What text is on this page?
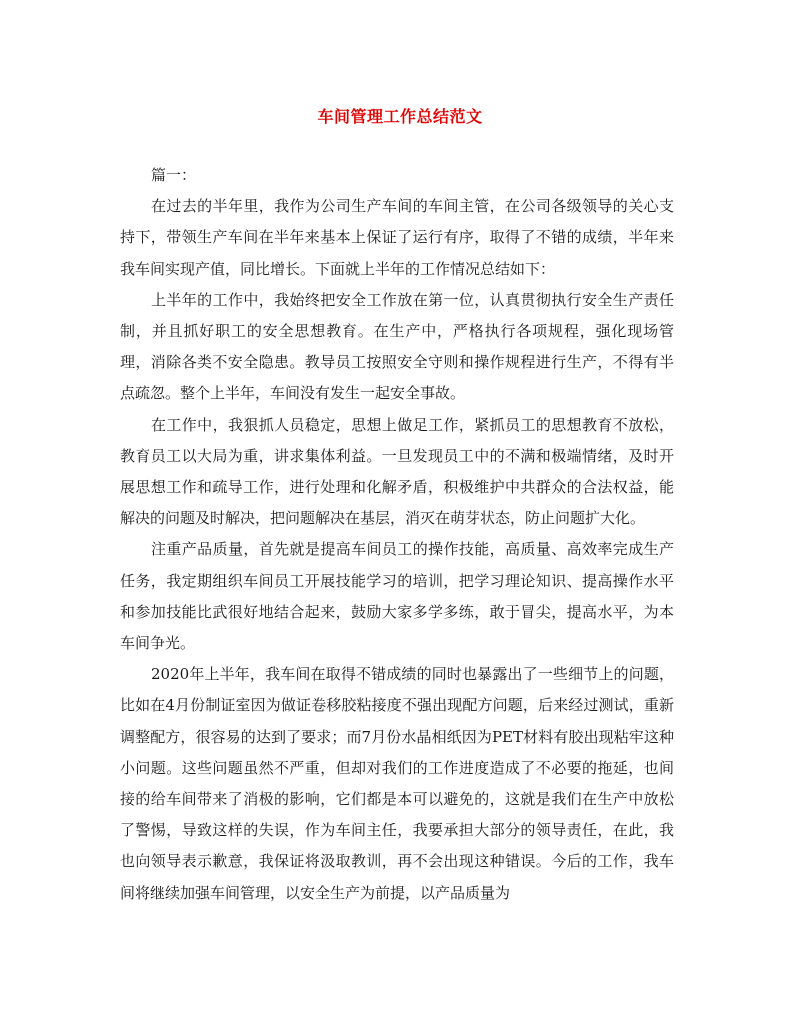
车间管理工作总结范文

篇一：

在过去的半年里，我作为公司生产车间的车间主管，在公司各级领导的关心支持下，带领生产车间在半年来基本上保证了运行有序，取得了不错的成绩，半年来我车间实现产值，同比增长。下面就上半年的工作情况总结如下：

上半年的工作中，我始终把安全工作放在第一位，认真贯彻执行安全生产责任制，并且抓好职工的安全思想教育。在生产中，严格执行各项规程，强化现场管理，消除各类不安全隐患。教导员工按照安全守则和操作规程进行生产，不得有半点疏忽。整个上半年，车间没有发生一起安全事故。

在工作中，我狠抓人员稳定，思想上做足工作，紧抓员工的思想教育不放松，教育员工以大局为重，讲求集体利益。一旦发现员工中的不满和极端情绪，及时开展思想工作和疏导工作，进行处理和化解矛盾，积极维护中共群众的合法权益，能解决的问题及时解决，把问题解决在基层，消灭在萌芽状态，防止问题扩大化。

注重产品质量，首先就是提高车间员工的操作技能，高质量、高效率完成生产任务，我定期组织车间员工开展技能学习的培训，把学习理论知识、提高操作水平和参加技能比武很好地结合起来，鼓励大家多学多练，敢于冒尖，提高水平，为本车间争光。

2020年上半年，我车间在取得不错成绩的同时也暴露出了一些细节上的问题，比如在4月份制证室因为做证卷移胶粘接度不强出现配方问题，后来经过测试，重新调整配方，很容易的达到了要求；而7月份水晶相纸因为PET材料有胶出现粘牢这种小问题。这些问题虽然不严重，但却对我们的工作进度造成了不必要的拖延，也间接的给车间带来了消极的影响，它们都是本可以避免的，这就是我们在生产中放松了警惕，导致这样的失误，作为车间主任，我要承担大部分的领导责任，在此，我也向领导表示歉意，我保证将汲取教训，再不会出现这种错误。今后的工作，我车间将继续加强车间管理，以安全生产为前提，以产品质量为
